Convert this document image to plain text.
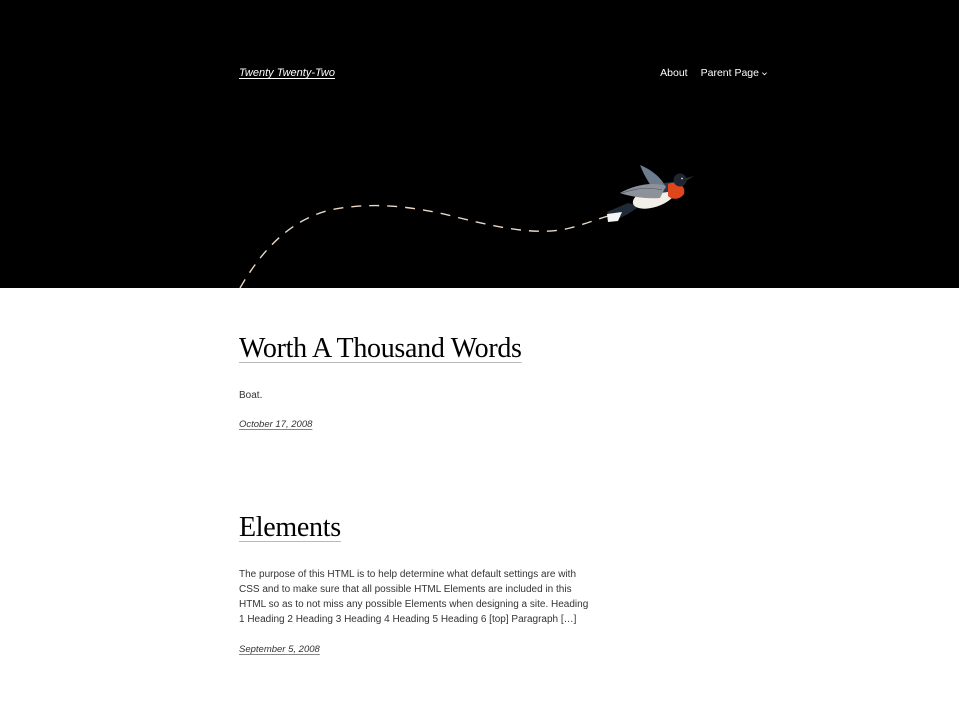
Twenty Twenty-Two	About Parent Page
Worth A Thousand Words

Boat.

October 17, 2008
Elements

The purpose of this HTML is to help determine what default settings are with CSS and to make sure that all possible HTML Elements are included in this HTML so as to not miss any possible Elements when designing a site. Heading 1 Heading 2 Heading 3 Heading 4 Heading 5 Heading 6 [top] Paragraph […]

September 5, 2008
